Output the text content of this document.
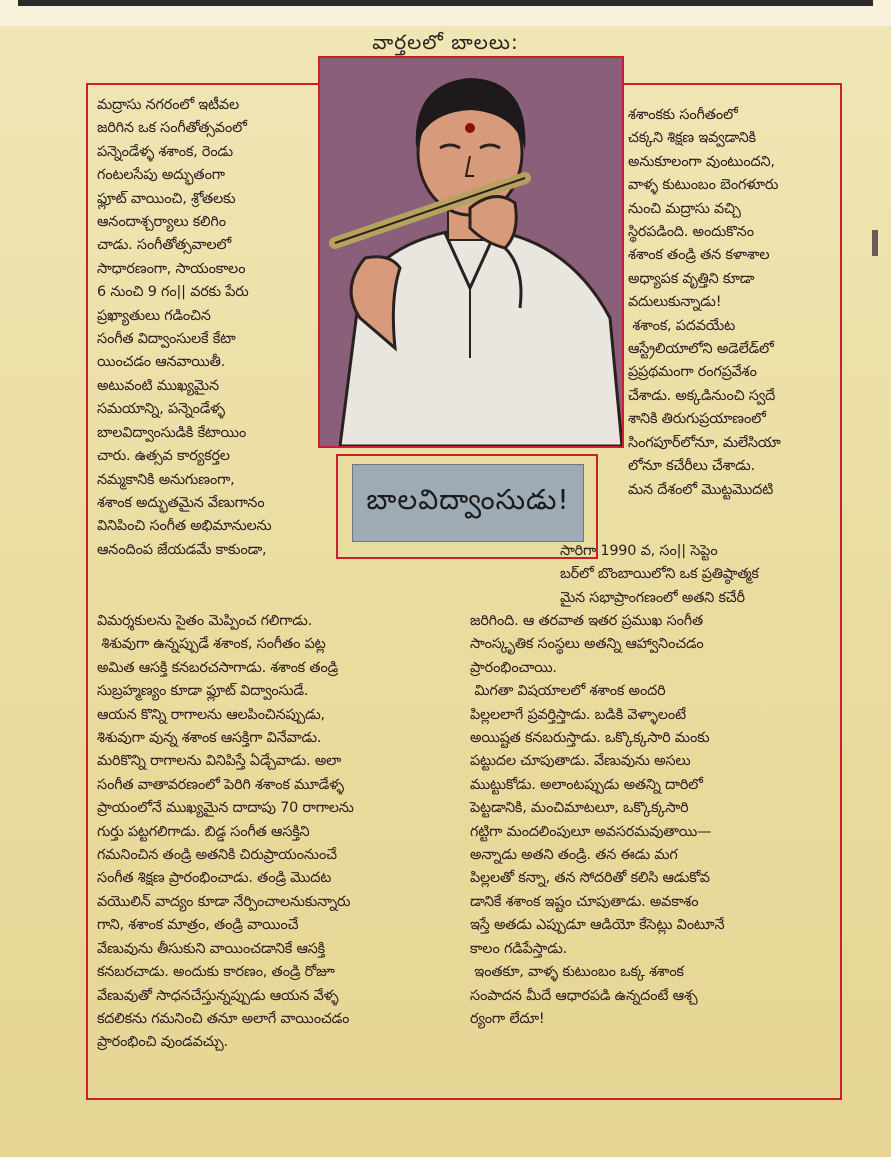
వార్తలలో బాలలు:
బాలవిద్వాంసుడు!

మద్రాసు నగరంలో ఇటీవల
జరిగిన ఒక సంగీతోత్సవంలో
పన్నెండేళ్ళ శశాంక, రెండు
గంటలసేపు అద్భుతంగా
ఫ్లూట్ వాయించి, శ్రోతలకు
ఆనందాశ్చర్యాలు కలిగిం
చాడు. సంగీతోత్సవాలలో
సాధారణంగా, సాయంకాలం
6 నుంచి 9 గం|| వరకు పేరు
ప్రఖ్యాతులు గడించిన
సంగీత విద్వాంసులకే కేటా
యించడం ఆనవాయితీ.
అటువంటి ముఖ్యమైన
సమయాన్ని, పన్నెండేళ్ళ
బాలవిద్వాంసుడికి కేటాయిం
చారు. ఉత్సవ కార్యకర్తల
నమ్మకానికి అనుగుణంగా,
శశాంక అద్భుతమైన వేణుగానం
వినిపించి సంగీత అభిమానులను
ఆనందింప జేయడమే కాకుండా,

శశాంకకు సంగీతంలో
చక్కని శిక్షణ ఇవ్వడానికి
అనుకూలంగా వుంటుందని,
వాళ్ళ కుటుంబం బెంగళూరు
నుంచి మద్రాసు వచ్చి
స్థిరపడింది. అందుకొనం
శశాంక తండ్రి తన కళాశాల
అధ్యాపక వృత్తిని కూడా
వదులుకున్నాడు!
శశాంక, పదవయేట
ఆస్ట్రేలియాలోని అడెలేడ్‌లో
ప్రప్రథమంగా రంగప్రవేశం
చేశాడు. అక్కడినుంచి స్వదే
శానికి తిరుగుప్రయాణంలో
సింగపూర్‌లోనూ, మలేసియా
లోనూ కచేరీలు చేశాడు.
మన దేశంలో మొట్టమొదటి

సారిగా 1990 వ, సం|| సెప్టెం
బర్‌లో బొంబాయిలోని ఒక ప్రతిష్ఠాత్మక
మైన సభాప్రాంగణంలో అతని కచేరీ

విమర్శకులను సైతం మెప్పించ గలిగాడు.
శిశువుగా ఉన్నప్పుడే శశాంక, సంగీతం పట్ల
అమిత ఆసక్తి కనబరచసాగాడు. శశాంక తండ్రి
సుబ్రహ్మణ్యం కూడా ఫ్లూట్ విద్వాంసుడే.
ఆయన కొన్ని రాగాలను ఆలపించినప్పుడు,
శిశువుగా వున్న శశాంక ఆసక్తిగా వినేవాడు.
మరికొన్ని రాగాలను వినిపిస్తే ఏడ్చేవాడు. అలా
సంగీత వాతావరణంలో పెరిగి శశాంక మూడేళ్ళ
ప్రాయంలోనే ముఖ్యమైన దాదాపు 70 రాగాలను
గుర్తు పట్టగలిగాడు. బిడ్డ సంగీత ఆసక్తిని
గమనించిన తండ్రి అతనికి చిరుప్రాయంనుంచే
సంగీత శిక్షణ ప్రారంభించాడు. తండ్రి మొదట
వయొలిన్ వాద్యం కూడా నేర్పించాలనుకున్నారు
గాని, శశాంక మాత్రం, తండ్రి వాయించే
వేణువును తీసుకుని వాయించడానికే ఆసక్తి
కనబరచాడు. అందుకు కారణం, తండ్రి రోజూ
వేణువుతో సాధనచేస్తున్నప్పుడు ఆయన వేళ్ళ
కదలికను గమనించి తనూ అలాగే వాయించడం
ప్రారంభించి వుండవచ్చు.

జరిగింది. ఆ తరవాత ఇతర ప్రముఖ సంగీత
సాంస్కృతిక సంస్థలు అతన్ని ఆహ్వానించడం
ప్రారంభించాయి.
మిగతా విషయాలలో శశాంక అందరి
పిల్లలలాగే ప్రవర్తిస్తాడు. బడికి వెళ్ళాలంటే
అయిష్టత కనబరుస్తాడు. ఒక్కొక్కసారి మంకు
పట్టుదల చూపుతాడు. వేణువును అసలు
ముట్టుకోడు. అలాంటప్పుడు అతన్ని దారిలో
పెట్టడానికి, మంచిమాటలూ, ఒక్కొక్కసారి
గట్టిగా మందలింపులూ అవసరమవుతాయి—
అన్నాడు అతని తండ్రి. తన ఈడు మగ
పిల్లలతో కన్నా, తన సోదరితో కలిసి ఆడుకోవ
డానికే శశాంక ఇష్టం చూపుతాడు. అవకాశం
ఇస్తే అతడు ఎప్పుడూ ఆడియో కేసెట్లు వింటూనే
కాలం గడిపేస్తాడు.
ఇంతకూ, వాళ్ళ కుటుంబం ఒక్క శశాంక
సంపాదన మీదే ఆధారపడి ఉన్నదంటే ఆశ్చ
ర్యంగా లేదూ!
